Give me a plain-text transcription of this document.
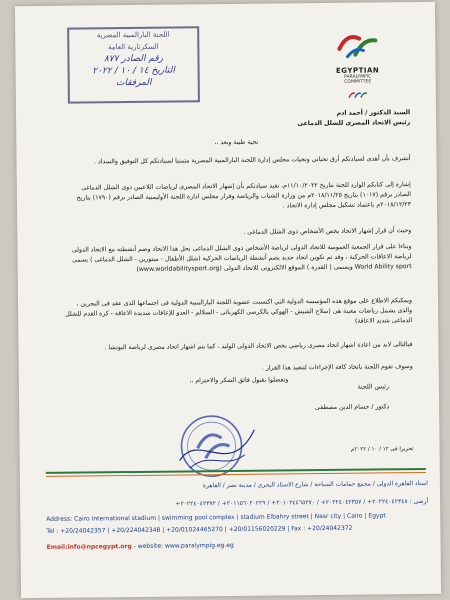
اللجنة البارالمبية المصرية
السكرتارية العامة
رقم الصادر ٨٧٧
التاريخ ١٤ / ١٠ / ٢٠٢٢
المرفقات
EGYPTIAN
PARALYMPIC
COMMITTEE
السيد الدكتور / أحمد ادم
رئيس الاتحاد المصرى للشلل الدماغى
تحية طيبة وبعد ،،
أتشرف بأن أهدى لسيادتكم أرق تحياتي وتحيات مجلس إدارة اللجنة البارالمبية المصرية متمنيا لسيادتكم كل التوفيق والسداد .
إشارة إلى كتابكم الوارد للجنة بتاريخ ١١/١٠/٢٠٢٢م، نفيد سيادتكم بأن إشهار الاتحاد المصرى لرياضات اللاعبين ذوى الشلل الدماغى الصادر برقم (١٠١٧) بتاريخ ٢٠١٨/١١/٢٥م من وزارة الشباب والرياضة وقرار مجلس ادارة اللجنة الأوليمبية الصادر برقم (١٧٩٠) بتاريخ ٢٠١٨/١٢/٢٣م باعتماد تشكيل مجلس إدارة الاتحاد .
وحيث أن قرار إشهار الاتحاد يخص الأشخاص ذوى الشلل الدماغى .
وبناءا على قرار الجمعية العمومية للاتحاد الدولى لرياضة الأشخاص ذوى الشلل الدماغى بحل هذا الاتحاد وضم أنشطته مع الاتحاد الدولى لرياضة الاعاقات الحركية ، وقد تم تكوين اتحاد جديد يضم أنشطة الرياضات الحركية (شلل الأطفال - مبتورين - الشلل الدماغى ) يسمى World Ability sport ويسمى ( القدرة ) الموقع الالكترونى للاتحاد الدولى (www.worldabilitysport.org)
ويمكنكم الاطلاع على موقع هذه المؤسسة الدولية التي اكتسبت عضوية اللجنة البارالمبية الدولية فى اجتماعها الذى عقد فى البحرين ، والذى يشمل رياضات معينة هى (سلاح الشيش - الهوكي بالكرسى الكهربائى - السلالم - العدو للإعاقات شديدة الاعاقة - كرة القدم للشلل الدماغى شديد الاعاقة)
فبالتالى لابد من اعادة اشهار اتحاد مصرى رياضي يخص الاتحاد الدولى الوليد ، كما يتم اشهار اتحاد مصرى لرياضة البوتشا .
وسوف تقوم اللجنة باتخاذ كافة الإجراءات لتنفيذ هذا القرار .
وتفضلوا بقبول فائق الشكر والاحترام ،،
رئيس اللجنة
دكتور / حسام الدين مصطفى
تحريرا فى ١٢ / ١٠ / ٢٠٢٢م
استاد القاهرة الدولى / مجمع حمامات السباحة / شارع الاستاد البحرى / مدينة نصر / القاهرة
أرضى : ٢٠٢٢٤٠٤٢٣٤٨+ / ٢٠٢٢٤٠٤٢٣٥٧+ / ٢٠١٠٢٤٤٦٥٢٧٠+ / ٢٠١١٥٦٠٢٠٢٢٩+ / ٢٠٢٢٤٠٤٢٣٧٢+
Address: Cairo International stadium | swimming pool complex | stadium Elbahry street | Nasr city | Cairo | Egypt
Tel : +20/24042357 | +20/224042348 | +20/01024465270 | +20/01156020229 | Fax : +20/24042372
Email:info@npcegypt.org - website: www.paralympig.eg.eg
